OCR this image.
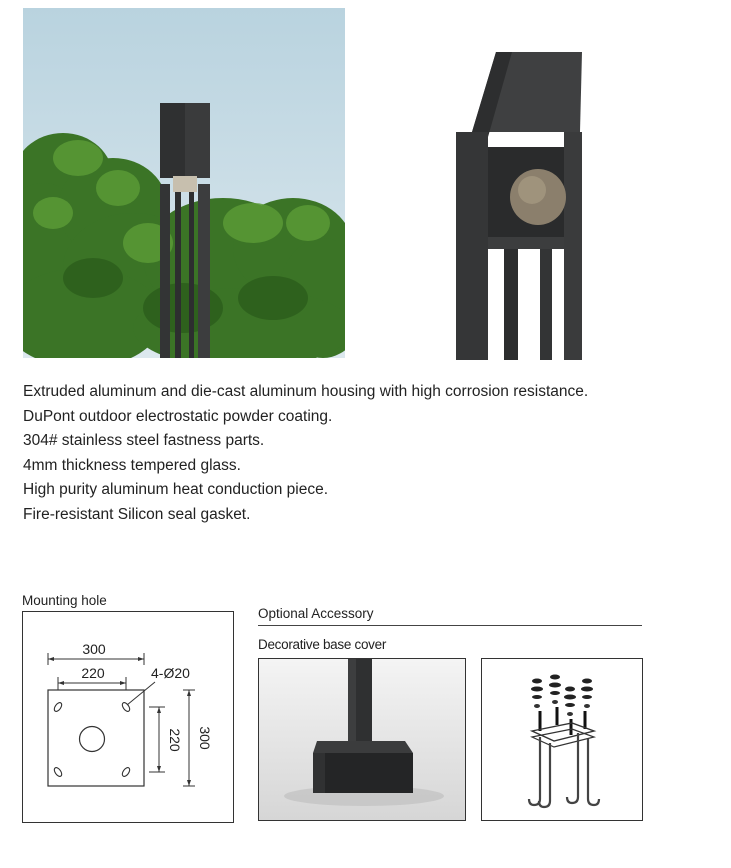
Extruded aluminum and die-cast aluminum housing with high corrosion resistance.
DuPont outdoor electrostatic powder coating.
304# stainless steel fastness parts.
4mm thickness tempered glass.
High purity aluminum heat conduction piece.
Fire-resistant Silicon seal gasket.
Mounting hole
300
220	4-Ø20
220 300
Optional Accessory
Decorative base cover
